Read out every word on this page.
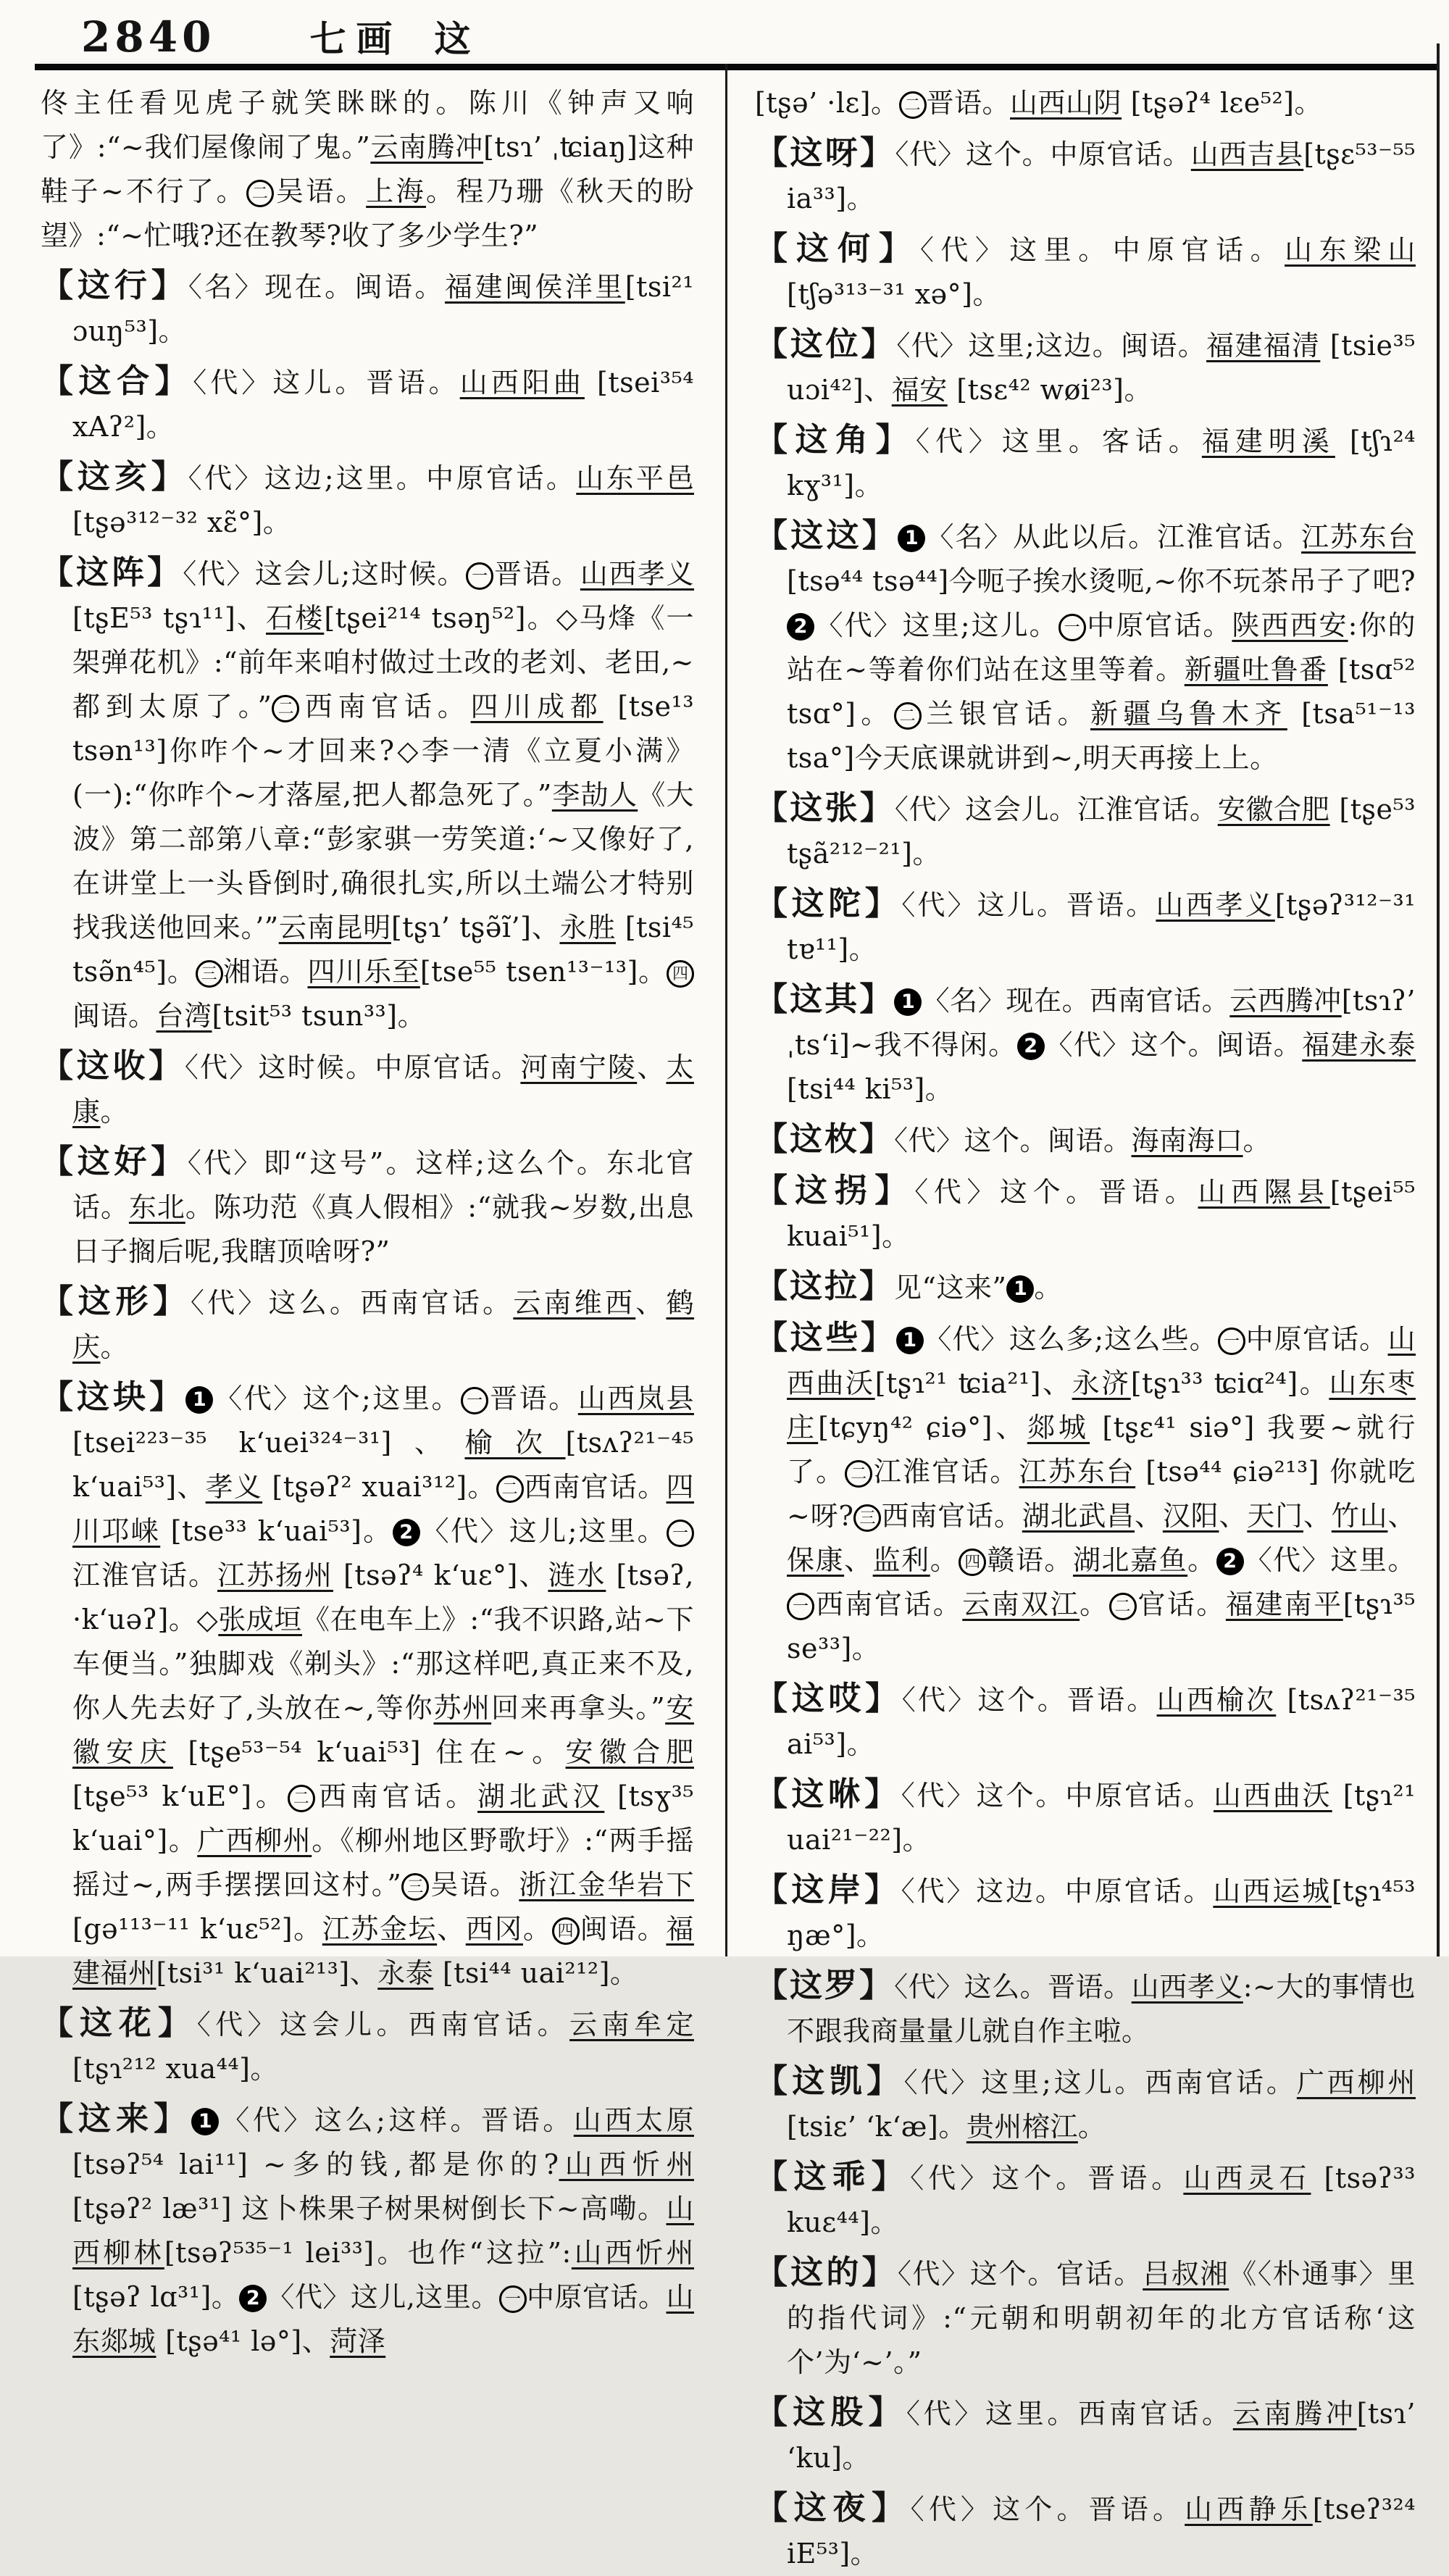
2840	七画 这

佟主任看见虎子就笑眯眯的。陈川《钟声又响了》:“~我们屋像闹了鬼。”云南腾冲[tsɿ’ ˌʨiaŋ]这种鞋子~不行了。 二 吴语。上海。程乃珊《秋天的盼望》:“~忙哦?还在教琴?收了多少学生?”

【这行】〈名〉现在。闽语。福建闽侯洋里[tsi²¹ ɔuŋ⁵³]。

【这合】〈代〉这儿。晋语。山西阳曲 [tsei³⁵⁴ xAʔ²]。

【这亥】〈代〉这边;这里。中原官话。山东平邑[tʂə³¹²⁻³² xɛ̃°]。

【这阵】〈代〉这会儿;这时候。 一 晋语。山西孝义[tʂE⁵³ tʂɿ¹¹]、石楼[tʂei²¹⁴ tsəŋ⁵²]。◇马烽《一架弹花机》:“前年来咱村做过土改的老刘、老田,~都到太原了。” 二 西南官话。四川成都 [tse¹³ tsən¹³]你咋个~才回来?◇李一清《立夏小满》(一):“你咋个~才落屋,把人都急死了。”李劼人《大波》第二部第八章:“彭家骐一劳笑道:‘~又像好了,在讲堂上一头昏倒时,确很扎实,所以土端公才特别找我送他回来。’”云南昆明[tʂɿ’ tʂə̃ĩ’]、永胜 [tsi⁴⁵ tsə̃n⁴⁵]。 三 湘语。四川乐至[tse⁵⁵ tsen¹³⁻¹³]。 四闽语。台湾[tsit⁵³ tsun³³]。

【这收】〈代〉这时候。中原官话。河南宁陵、太康。

【这好】〈代〉即“这号”。这样;这么个。东北官话。东北。陈功范《真人假相》:“就我~岁数,出息日子搁后呢,我瞎顶啥呀?”

【这形】〈代〉这么。西南官话。云南维西、鹤庆。

【这块】 1 〈代〉这个;这里。 一 晋语。山西岚县[tsei²²³⁻³⁵ k‘uei³²⁴⁻³¹]、榆次[tsʌʔ²¹⁻⁴⁵ k‘uai⁵³]、孝义 [tʂəʔ² xuai³¹²]。 二 西南官话。四川邛崃 [tse³³ k‘uai⁵³]。 2 〈代〉这儿;这里。 一江淮官话。江苏扬州 [tsəʔ⁴ k‘uɛ°]、涟水 [tsəʔ, ·k‘uəʔ]。◇张成垣《在电车上》:“我不识路,站~下车便当。”独脚戏《剃头》:“那这样吧,真正来不及,你人先去好了,头放在~,等你苏州回来再拿头。”安徽安庆 [tʂe⁵³⁻⁵⁴ k‘uai⁵³] 住在~。安徽合肥[tʂe⁵³ k‘uE°]。 二 西南官话。湖北武汉 [tsɣ³⁵ k‘uai°]。广西柳州。《柳州地区野歌圩》:“两手摇摇过~,两手摆摆回这村。” 三 吴语。浙江金华岩下 [gə¹¹³⁻¹¹ k‘uɛ⁵²]。江苏金坛、西冈。 四 闽语。福建福州[tsi³¹ k‘uai²¹³]、永泰 [tsi⁴⁴ uai²¹²]。

【这花】〈代〉这会儿。西南官话。云南牟定 [tʂɿ²¹² xua⁴⁴]。

【这来】 1 〈代〉这么;这样。晋语。山西太原 [tsəʔ⁵⁴ lai¹¹] ~多的钱,都是你的?山西忻州 [tʂəʔ² læ³¹] 这卜株果子树果树倒长下~高嘞。山西柳林[tsəʔ⁵³⁵⁻¹ lei³³]。也作“这拉”:山西忻州[tʂəʔ lɑ³¹]。 2 〈代〉这儿,这里。 一 中原官话。山东郯城 [tʂə⁴¹ lə°]、菏泽

[tʂə’ ·lɛ]。 二 晋语。山西山阴 [tʂəʔ⁴ lɛe⁵²]。

【这呀】〈代〉这个。中原官话。山西吉县[tʂɛ⁵³⁻⁵⁵ ia³³]。

【这何】〈代〉这里。中原官话。山东梁山[tʃə³¹³⁻³¹ xə°]。

【这位】〈代〉这里;这边。闽语。福建福清 [tsie³⁵ uɔi⁴²]、福安 [tsɛ⁴² wøi²³]。

【这角】〈代〉这里。客话。福建明溪 [tʃɿ²⁴ kɣ³¹]。

【这这】 1 〈名〉从此以后。江淮官话。江苏东台 [tsə⁴⁴ tsə⁴⁴]今呃子挨水烫呃,~你不玩茶吊子了吧?2 〈代〉这里;这儿。 一 中原官话。陕西西安:你的站在~等着你们站在这里等着。新疆吐鲁番 [tsɑ⁵² tsɑ°]。 二 兰银官话。新疆乌鲁木齐 [tsa⁵¹⁻¹³ tsa°]今天底课就讲到~,明天再接上上。

【这张】〈代〉这会儿。江淮官话。安徽合肥 [tʂe⁵³ tʂã²¹²⁻²¹]。

【这陀】〈代〉这儿。晋语。山西孝义[tʂəʔ³¹²⁻³¹ tɐ¹¹]。

【这其】 1 〈名〉现在。西南官话。云西腾冲[tsɿʔ’ ˌts‘i]~我不得闲。 2 〈代〉这个。闽语。福建永泰 [tsi⁴⁴ ki⁵³]。

【这枚】〈代〉这个。闽语。海南海口。

【这拐】〈代〉这个。晋语。山西隰县[tʂei⁵⁵ kuai⁵¹]。

【这拉】见“这来” 1 。

【这些】 1 〈代〉这么多;这么些。 一 中原官话。山西曲沃[tʂɿ²¹ ʨia²¹]、永济[tʂɿ³³ ʨiɑ²⁴]。山东枣庄[tɕyŋ⁴² ɕiə°]、郯城 [tʂɛ⁴¹ siə°] 我要~就行了。 二 江淮官话。江苏东台 [tsə⁴⁴ ɕiə²¹³] 你就吃~呀? 三 西南官话。湖北武昌、汉阳、天门、竹山、保康、监利。 四 赣语。湖北嘉鱼。 2 〈代〉这里。一 西南官话。云南双江。 二 官话。福建南平[tʂɿ³⁵ se³³]。

【这哎】〈代〉这个。晋语。山西榆次 [tsʌʔ²¹⁻³⁵ ai⁵³]。

【这咻】〈代〉这个。中原官话。山西曲沃 [tʂɿ²¹ uai²¹⁻²²]。

【这岸】〈代〉这边。中原官话。山西运城[tʂɿ⁴⁵³ ŋæ°]。

【这罗】〈代〉这么。晋语。山西孝义:~大的事情也不跟我商量量儿就自作主啦。

【这凯】〈代〉这里;这儿。西南官话。广西柳州 [tsiɛ’ ‘k‘æ]。贵州榕江。

【这乖】〈代〉这个。晋语。山西灵石 [tsəʔ³³ kuɛ⁴⁴]。

【这的】〈代〉这个。官话。吕叔湘《〈朴通事〉里的指代词》:“元朝和明朝初年的北方官话称‘这个’为‘~’。”

【这股】〈代〉这里。西南官话。云南腾冲[tsɿ’ ‘ku]。

【这夜】〈代〉这个。晋语。山西静乐[tseʔ³²⁴ iE⁵³]。
